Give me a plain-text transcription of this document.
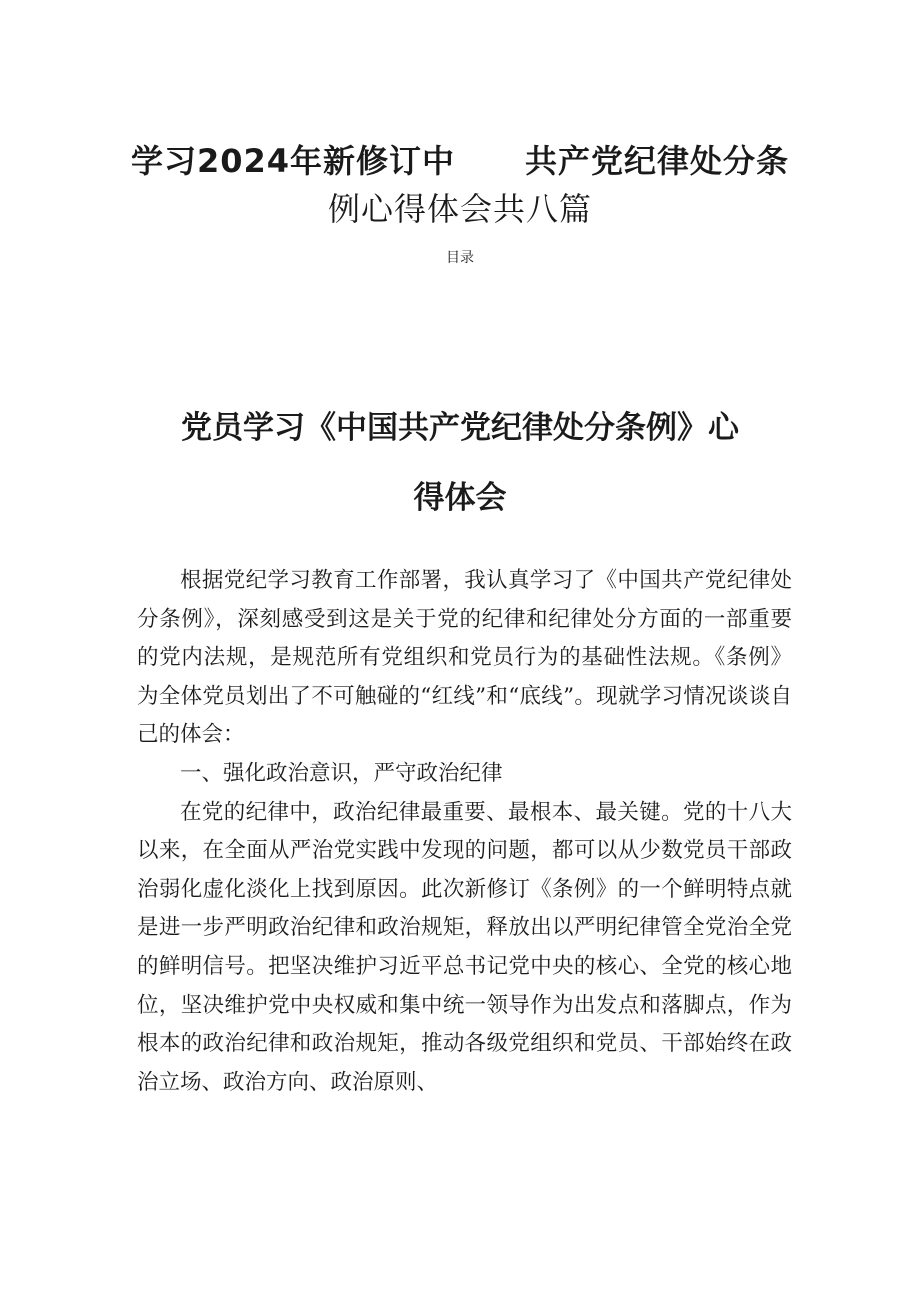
学习2024年新修订中 共产党纪律处分条
例心得体会共八篇
目录
党员学习《中国共产党纪律处分条例》心
得体会

根据党纪学习教育工作部署，我认真学习了《中国共产党纪律处分条例》，深刻感受到这是关于党的纪律和纪律处分方面的一部重要的党内法规，是规范所有党组织和党员行为的基础性法规。《条例》为全体党员划出了不可触碰的“红线”和“底线”。现就学习情况谈谈自己的体会：

一、强化政治意识，严守政治纪律

在党的纪律中，政治纪律最重要、最根本、最关键。党的十八大以来，在全面从严治党实践中发现的问题，都可以从少数党员干部政治弱化虚化淡化上找到原因。此次新修订《条例》的一个鲜明特点就是进一步严明政治纪律和政治规矩，释放出以严明纪律管全党治全党的鲜明信号。把坚决维护习近平总书记党中央的核心、全党的核心地位，坚决维护党中央权威和集中统一领导作为出发点和落脚点，作为根本的政治纪律和政治规矩，推动各级党组织和党员、干部始终在政治立场、政治方向、政治原则、
